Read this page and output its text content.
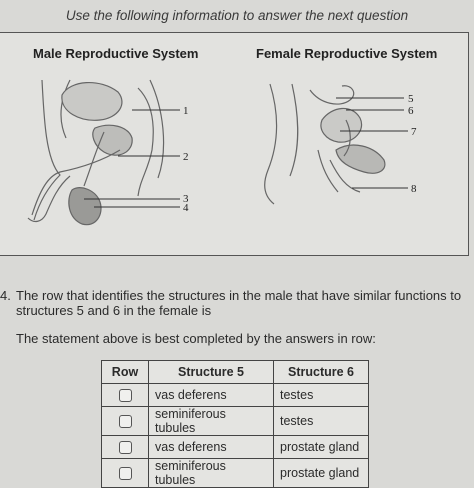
Use the following information to answer the next question
Male Reproductive System	Female Reproductive System
1
2
3
4
5
6
7
8
4. The row that identifies the structures in the male that have similar functions to structures 5 and 6 in the female is
The statement above is best completed by the answers in row:
Row	Structure 5	Structure 6
	vas deferens	testes
	seminiferous tubules	testes
	vas deferens	prostate gland
	seminiferous tubules	prostate gland
